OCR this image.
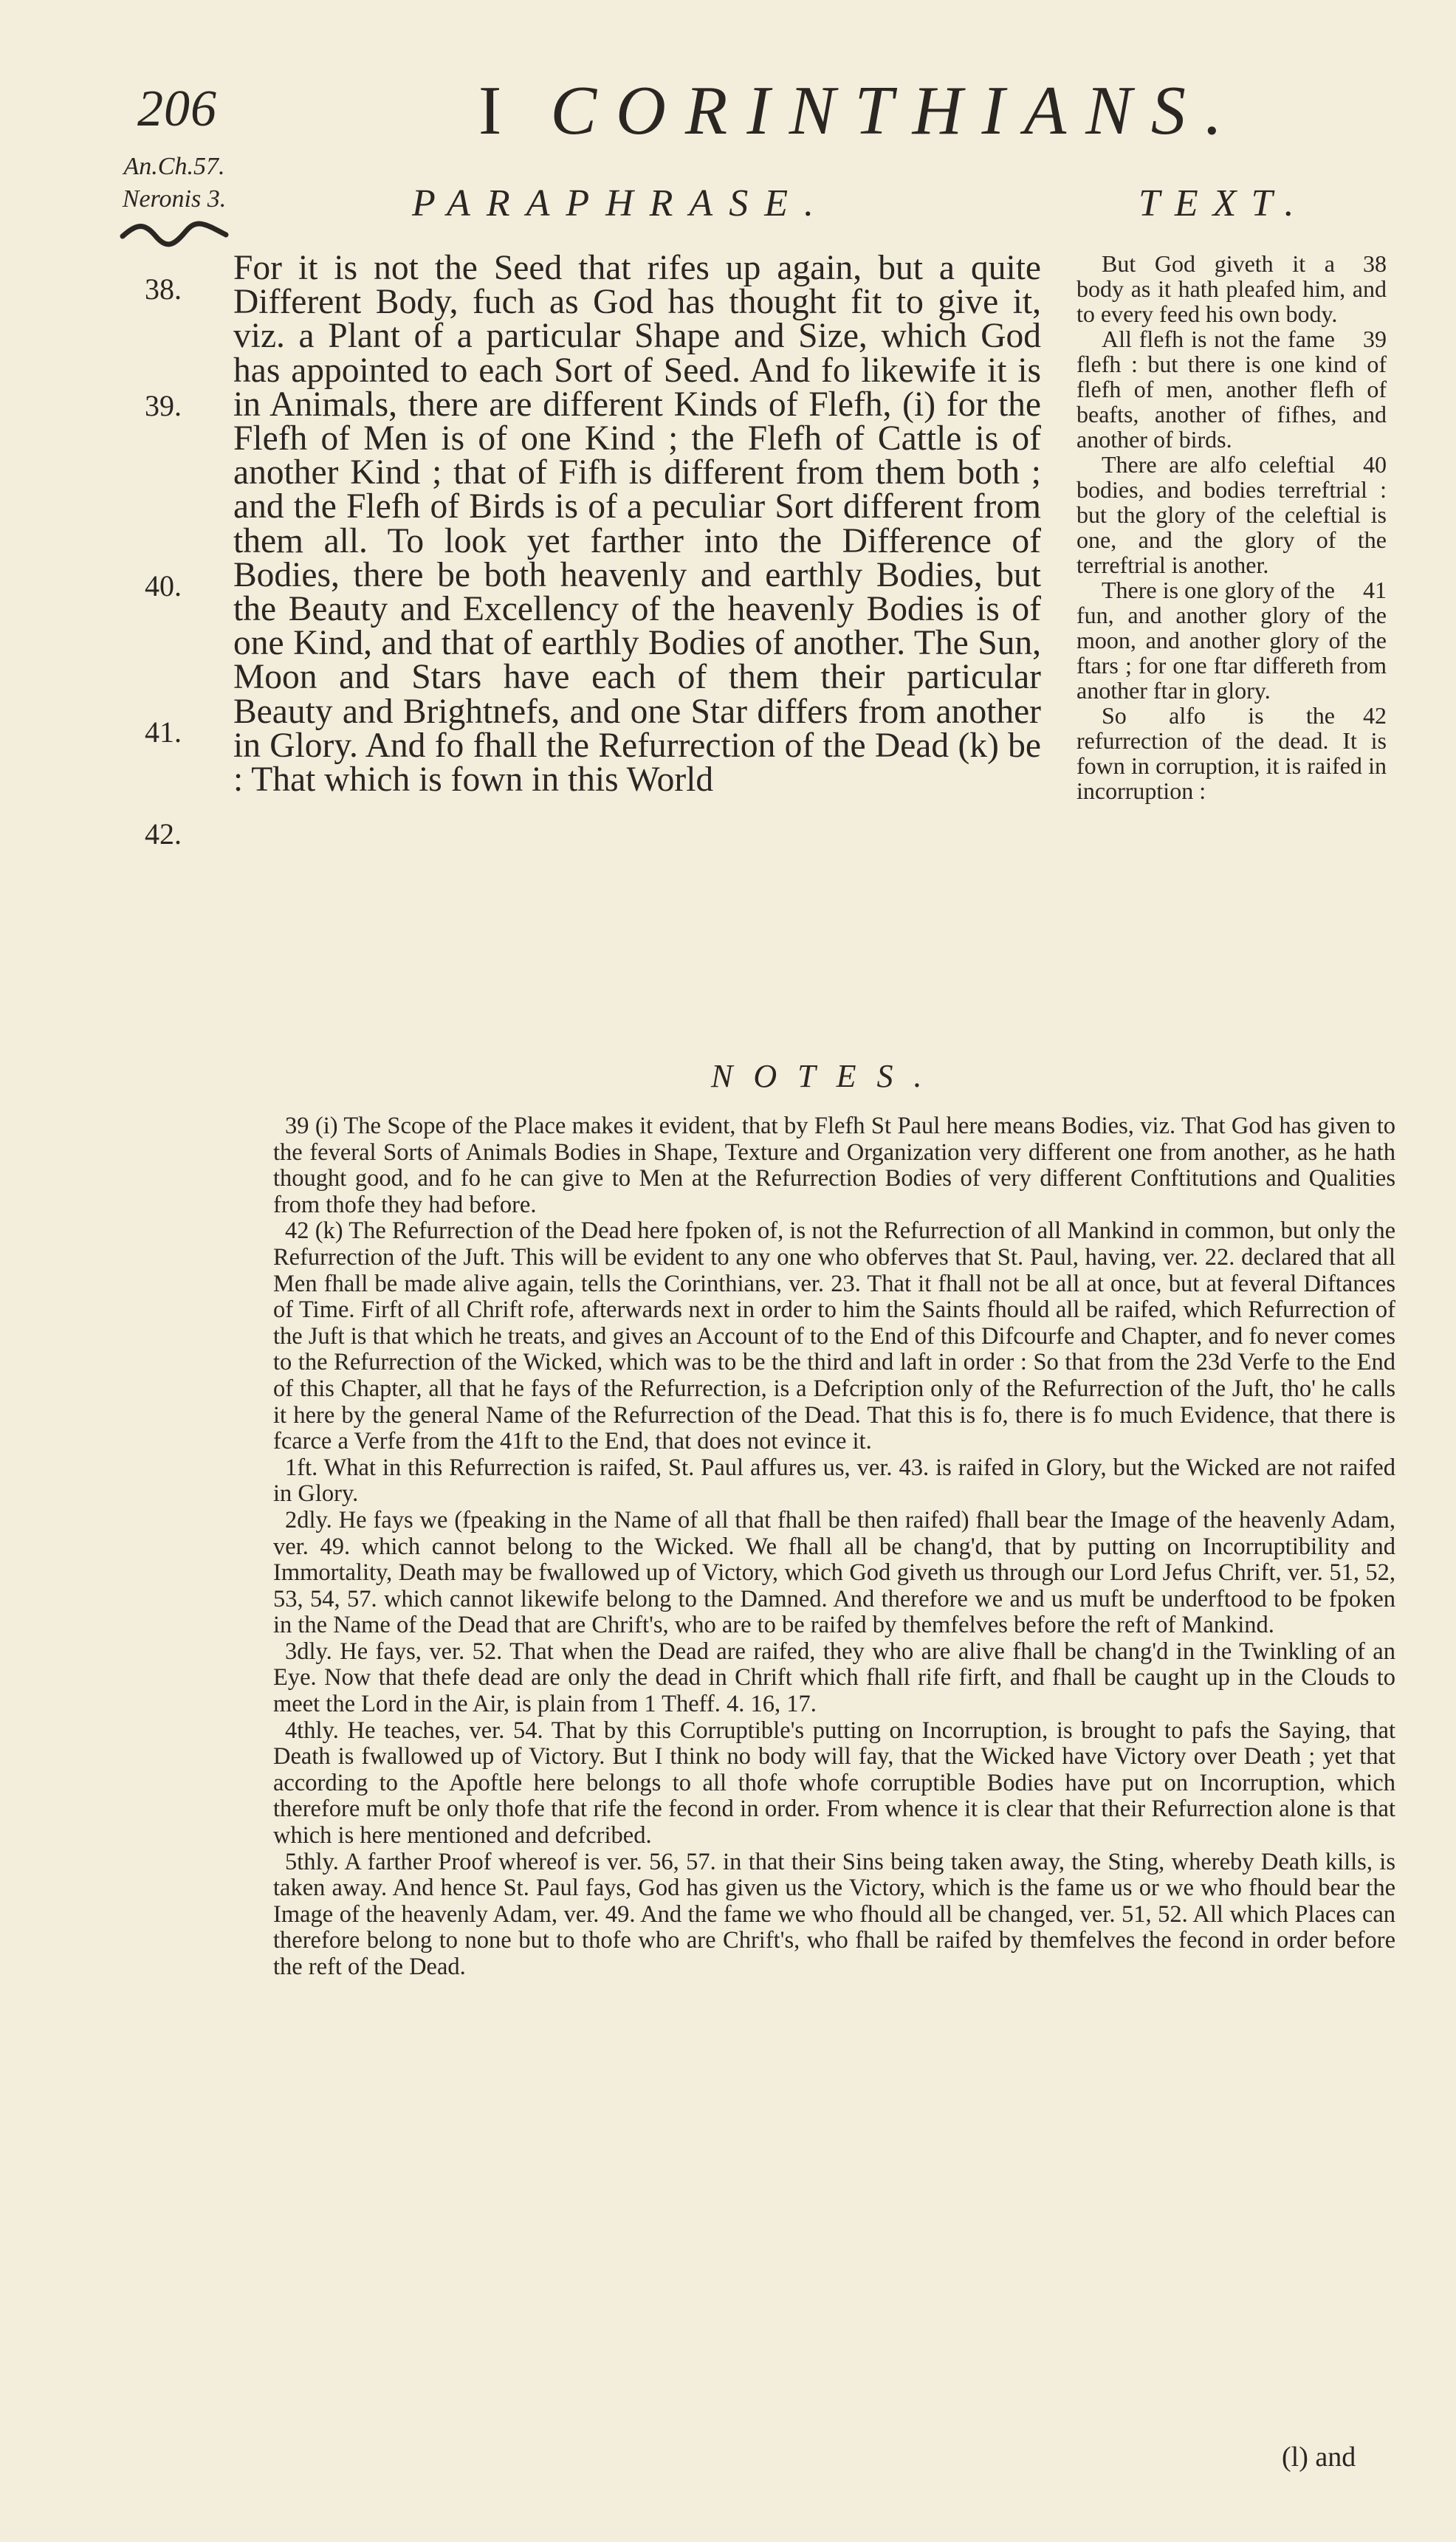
206	I CORINTHIANS.
An.Ch.57.
Neronis 3.	PARAPHRASE.	TEXT.
38.
39.
40.
41.
42.

For it is not the Seed that rifes up again, but a quite Different Body, fuch as God has thought fit to give it, viz. a Plant of a particular Shape and Size, which God has appointed to each Sort of Seed. And fo likewife it is in Animals, there are different Kinds of Flefh, (i) for the Flefh of Men is of one Kind ; the Flefh of Cattle is of another Kind ; that of Fifh is different from them both ; and the Flefh of Birds is of a peculiar Sort different from them all. To look yet farther into the Difference of Bodies, there be both heavenly and earthly Bodies, but the Beauty and Excellency of the heavenly Bodies is of one Kind, and that of earthly Bodies of another. The Sun, Moon and Stars have each of them their particular Beauty and Brightnefs, and one Star differs from another in Glory. And fo fhall the Refurrection of the Dead (k) be : That which is fown in this World

38
But God giveth it a body as it hath pleafed him, and to every feed his own body.

39
All flefh is not the fame flefh : but there is one kind of flefh of men, another flefh of beafts, another of fifhes, and another of birds.

40
There are alfo celeftial bodies, and bodies terreftrial : but the glory of the celeftial is one, and the glory of the terreftrial is another.

41
There is one glory of the fun, and another glory of the moon, and another glory of the ftars ; for one ftar differeth from another ftar in glory.

42
So alfo is the refurrection of the dead. It is fown in corruption, it is raifed in incorruption :

NOTES.

39 (i) The Scope of the Place makes it evident, that by Flefh St Paul here means Bodies, viz. That God has given to the feveral Sorts of Animals Bodies in Shape, Texture and Organization very different one from another, as he hath thought good, and fo he can give to Men at the Refurrection Bodies of very different Conftitutions and Qualities from thofe they had before.

42 (k) The Refurrection of the Dead here fpoken of, is not the Refurrection of all Mankind in common, but only the Refurrection of the Juft. This will be evident to any one who obferves that St. Paul, having, ver. 22. declared that all Men fhall be made alive again, tells the Corinthians, ver. 23. That it fhall not be all at once, but at feveral Diftances of Time. Firft of all Chrift rofe, afterwards next in order to him the Saints fhould all be raifed, which Refurrection of the Juft is that which he treats, and gives an Account of to the End of this Difcourfe and Chapter, and fo never comes to the Refurrection of the Wicked, which was to be the third and laft in order : So that from the 23d Verfe to the End of this Chapter, all that he fays of the Refurrection, is a Defcription only of the Refurrection of the Juft, tho' he calls it here by the general Name of the Refurrection of the Dead. That this is fo, there is fo much Evidence, that there is fcarce a Verfe from the 41ft to the End, that does not evince it.

1ft. What in this Refurrection is raifed, St. Paul affures us, ver. 43. is raifed in Glory, but the Wicked are not raifed in Glory.

2dly. He fays we (fpeaking in the Name of all that fhall be then raifed) fhall bear the Image of the heavenly Adam, ver. 49. which cannot belong to the Wicked. We fhall all be chang'd, that by putting on Incorruptibility and Immortality, Death may be fwallowed up of Victory, which God giveth us through our Lord Jefus Chrift, ver. 51, 52, 53, 54, 57. which cannot likewife belong to the Damned. And therefore we and us muft be underftood to be fpoken in the Name of the Dead that are Chrift's, who are to be raifed by themfelves before the reft of Mankind.

3dly. He fays, ver. 52. That when the Dead are raifed, they who are alive fhall be chang'd in the Twinkling of an Eye. Now that thefe dead are only the dead in Chrift which fhall rife firft, and fhall be caught up in the Clouds to meet the Lord in the Air, is plain from 1 Theff. 4. 16, 17.

4thly. He teaches, ver. 54. That by this Corruptible's putting on Incorruption, is brought to pafs the Saying, that Death is fwallowed up of Victory. But I think no body will fay, that the Wicked have Victory over Death ; yet that according to the Apoftle here belongs to all thofe whofe corruptible Bodies have put on Incorruption, which therefore muft be only thofe that rife the fecond in order. From whence it is clear that their Refurrection alone is that which is here mentioned and defcribed.

5thly. A farther Proof whereof is ver. 56, 57. in that their Sins being taken away, the Sting, whereby Death kills, is taken away. And hence St. Paul fays, God has given us the Victory, which is the fame us or we who fhould bear the Image of the heavenly Adam, ver. 49. And the fame we who fhould all be changed, ver. 51, 52. All which Places can therefore belong to none but to thofe who are Chrift's, who fhall be raifed by themfelves the fecond in order before the reft of the Dead.

(l) and
